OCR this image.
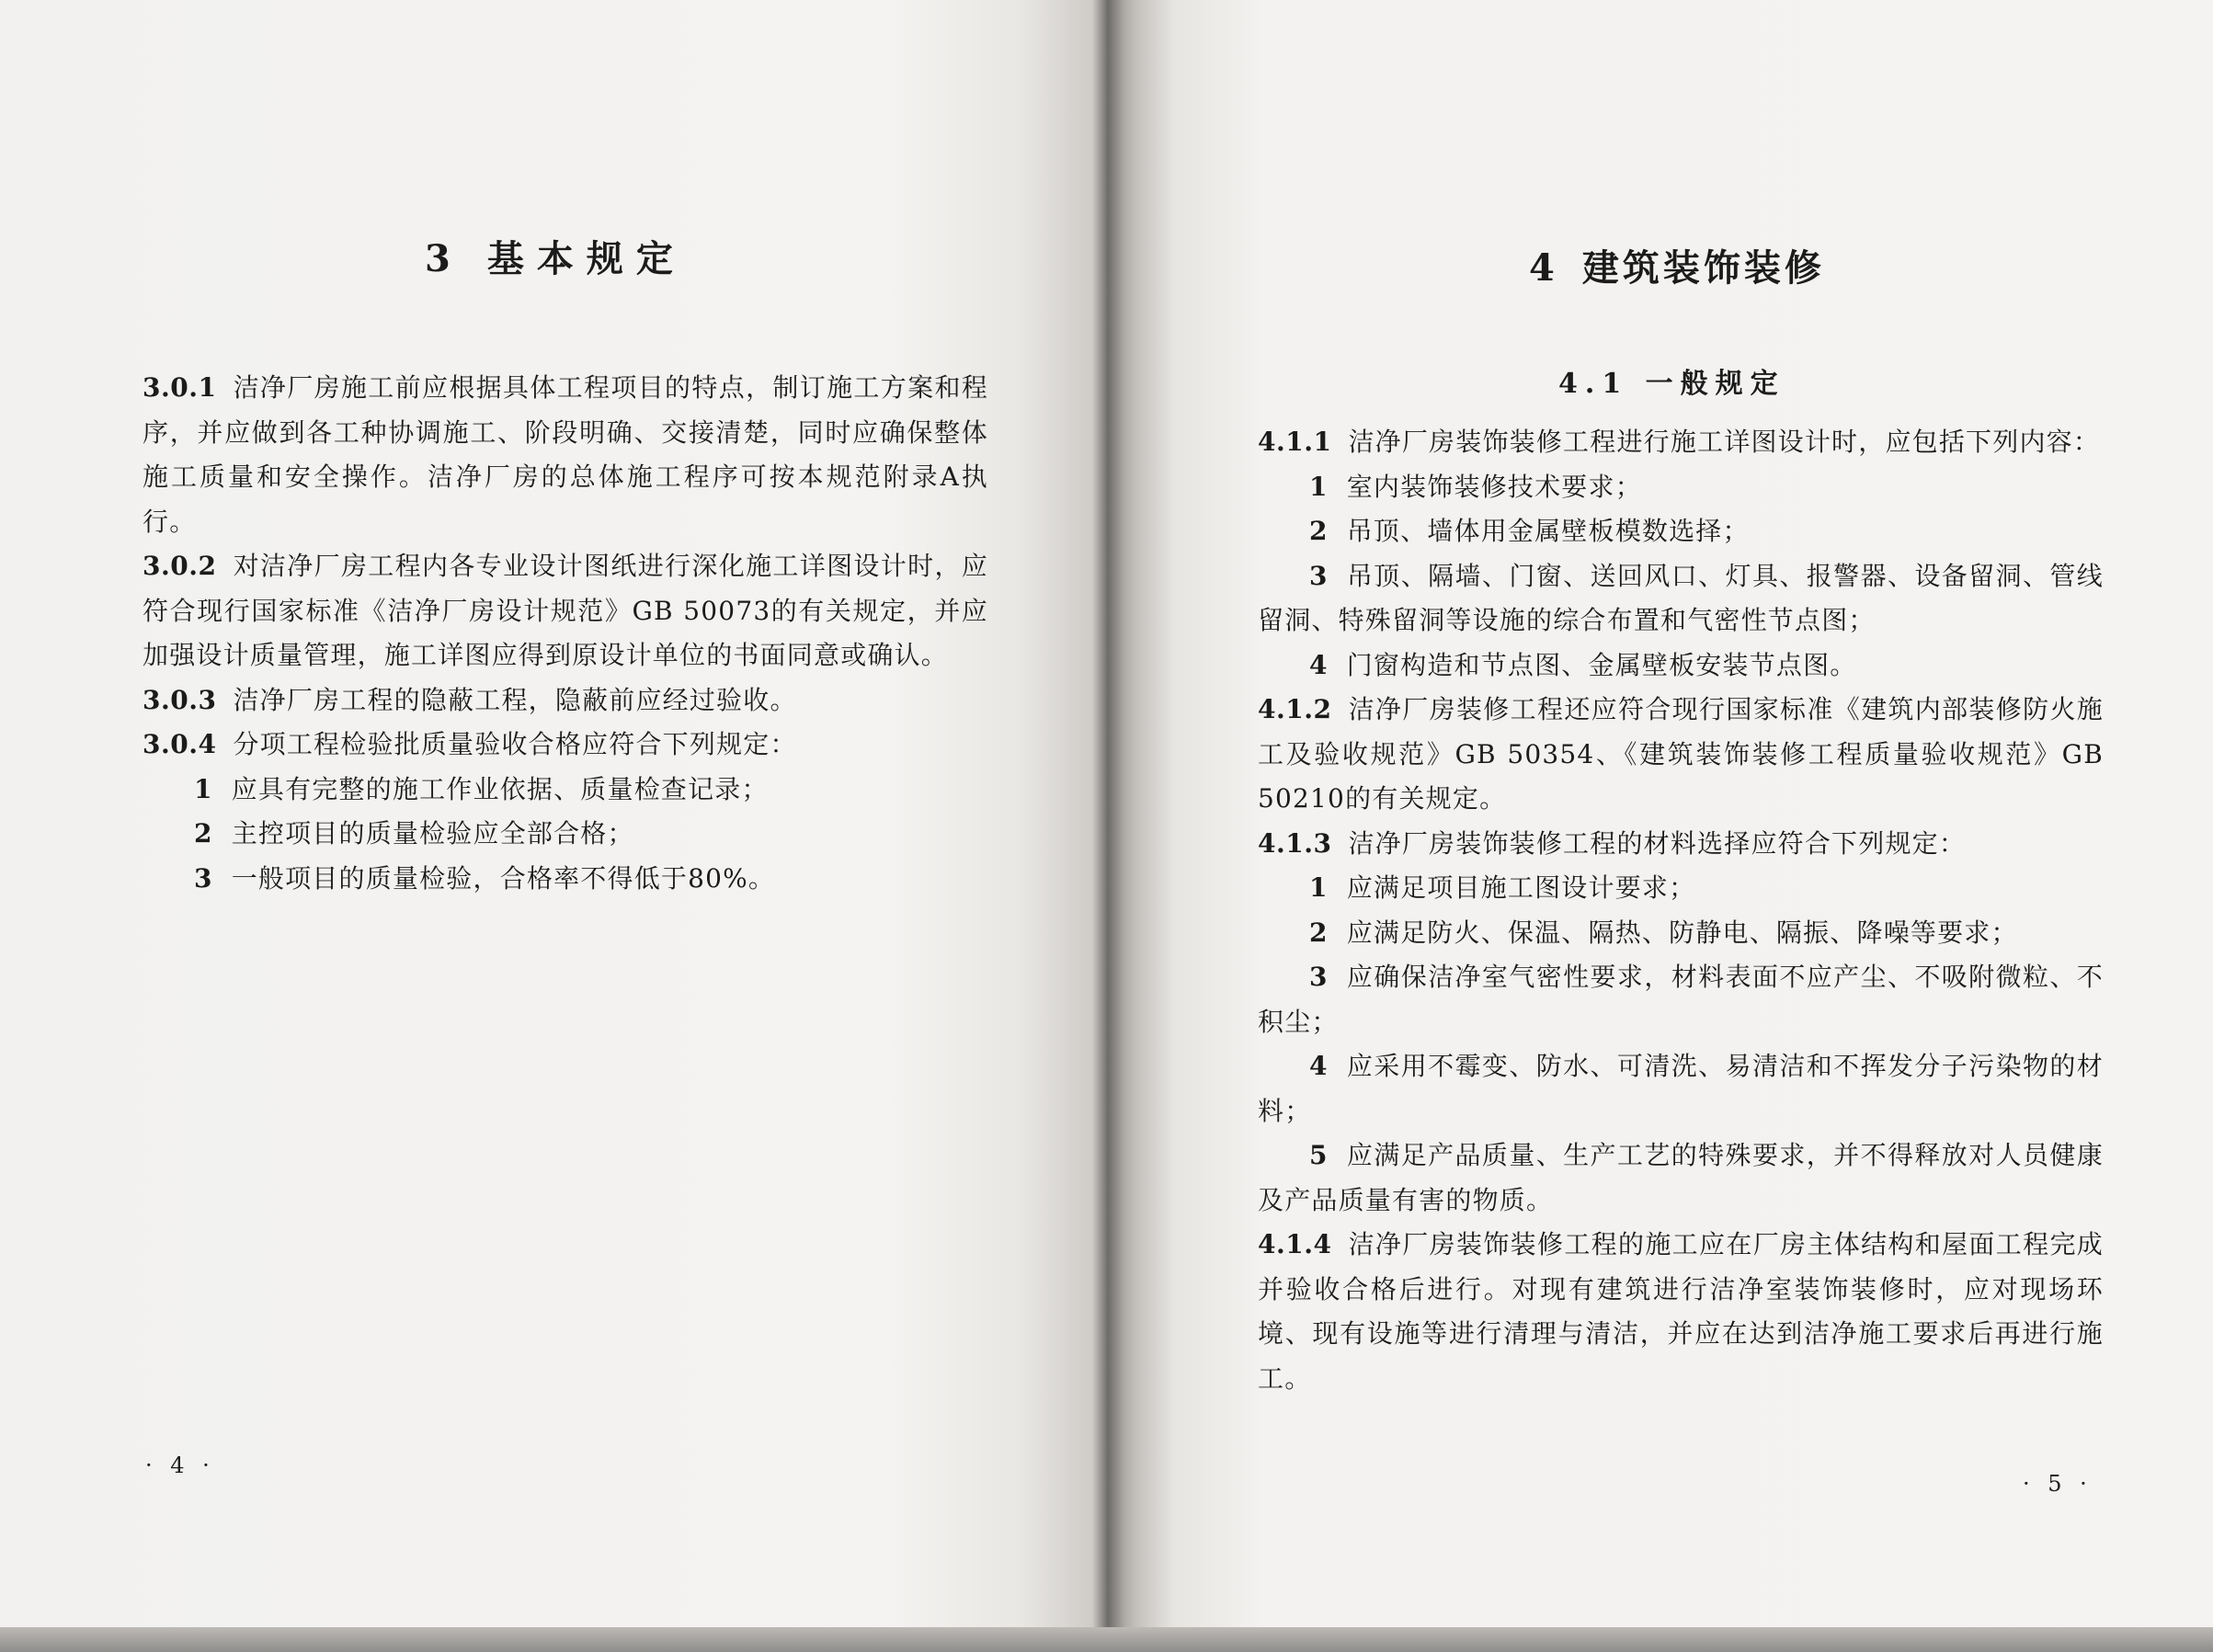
3 基本规定

3.0.1 洁净厂房施工前应根据具体工程项目的特点，制订施工方案和程序，并应做到各工种协调施工、阶段明确、交接清楚，同时应确保整体施工质量和安全操作。洁净厂房的总体施工程序可按本规范附录A执行。

3.0.2 对洁净厂房工程内各专业设计图纸进行深化施工详图设计时，应符合现行国家标准《洁净厂房设计规范》GB 50073的有关规定，并应加强设计质量管理，施工详图应得到原设计单位的书面同意或确认。

3.0.3 洁净厂房工程的隐蔽工程，隐蔽前应经过验收。

3.0.4 分项工程检验批质量验收合格应符合下列规定：

1 应具有完整的施工作业依据、质量检查记录；

2 主控项目的质量检验应全部合格；

3 一般项目的质量检验，合格率不得低于80%。

· 4 ·
4 建筑装饰装修
4.1 一般规定

4.1.1 洁净厂房装饰装修工程进行施工详图设计时，应包括下列内容：

1 室内装饰装修技术要求；

2 吊顶、墙体用金属壁板模数选择；

3 吊顶、隔墙、门窗、送回风口、灯具、报警器、设备留洞、管线留洞、特殊留洞等设施的综合布置和气密性节点图；

4 门窗构造和节点图、金属壁板安装节点图。

4.1.2 洁净厂房装修工程还应符合现行国家标准《建筑内部装修防火施工及验收规范》GB 50354、《建筑装饰装修工程质量验收规范》GB 50210的有关规定。

4.1.3 洁净厂房装饰装修工程的材料选择应符合下列规定：

1 应满足项目施工图设计要求；

2 应满足防火、保温、隔热、防静电、隔振、降噪等要求；

3 应确保洁净室气密性要求，材料表面不应产尘、不吸附微粒、不积尘；

4 应采用不霉变、防水、可清洗、易清洁和不挥发分子污染物的材料；

5 应满足产品质量、生产工艺的特殊要求，并不得释放对人员健康及产品质量有害的物质。

4.1.4 洁净厂房装饰装修工程的施工应在厂房主体结构和屋面工程完成并验收合格后进行。对现有建筑进行洁净室装饰装修时，应对现场环境、现有设施等进行清理与清洁，并应在达到洁净施工要求后再进行施工。

· 5 ·
